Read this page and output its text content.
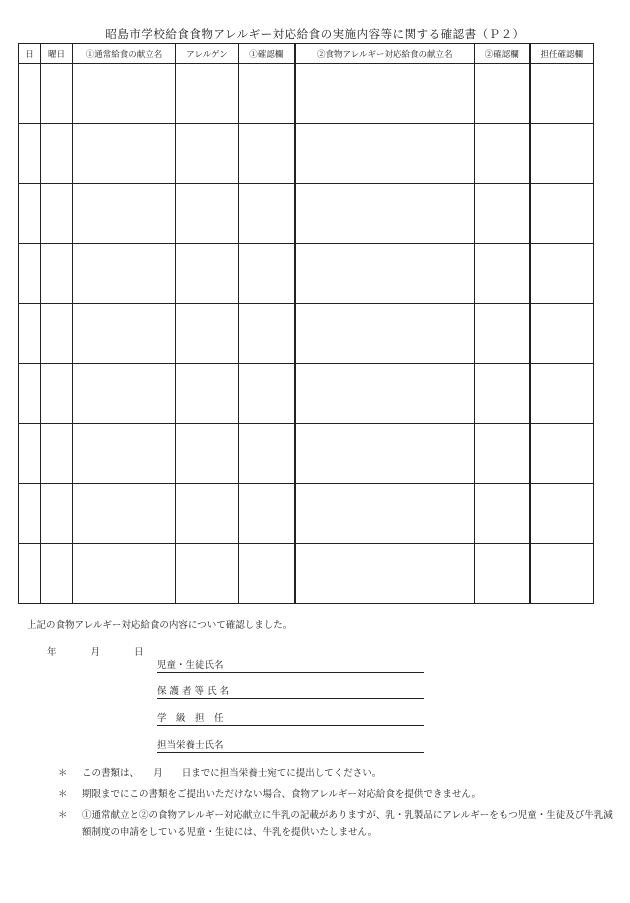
昭島市学校給食食物アレルギー対応給食の実施内容等に関する確認書（Ｐ２）
日	曜日	①通常給食の献立名	アレルゲン	①確認欄	②食物アレルギー対応給食の献立名	②確認欄	担任確認欄

上記の食物アレルギー対応給食の内容について確認しました。
年	月	日
児童・生徒氏名
保 護 者 等 氏 名
学　級　担　任
担当栄養士氏名
＊	この書類は、　　月　　日までに担当栄養士宛てに提出してください。
＊	期限までにこの書類をご提出いただけない場合、食物アレルギー対応給食を提供できません。
＊	①通常献立と②の食物アレルギー対応献立に牛乳の記載がありますが、乳・乳製品にアレルギーをもつ児童・生徒及び牛乳減額制度の申請をしている児童・生徒には、牛乳を提供いたしません。
